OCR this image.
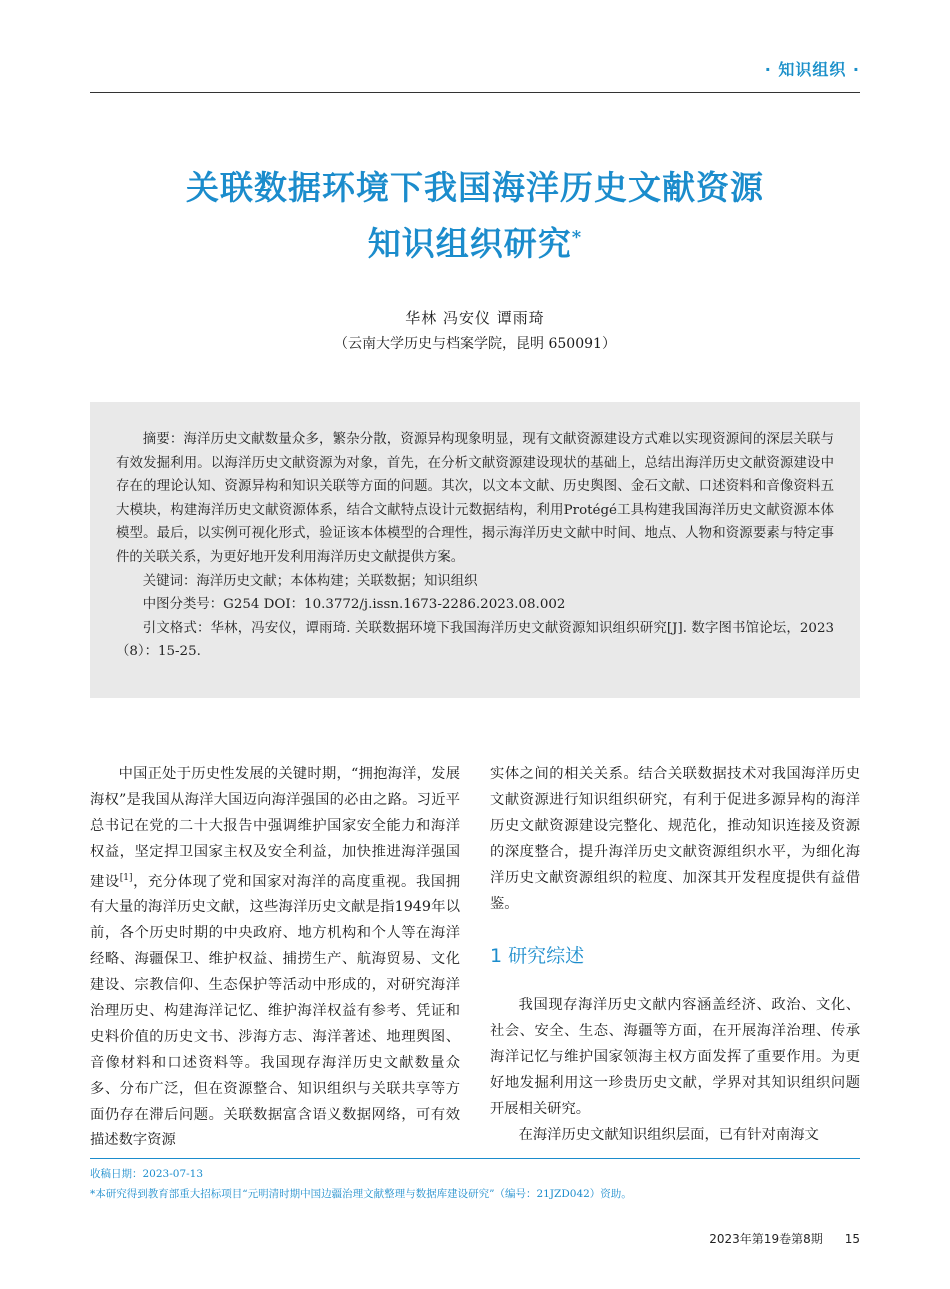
· 知识组织 ·
关联数据环境下我国海洋历史文献资源
知识组织研究*
华林 冯安仪 谭雨琦
（云南大学历史与档案学院，昆明 650091）

摘要：海洋历史文献数量众多，繁杂分散，资源异构现象明显，现有文献资源建设方式难以实现资源间的深层关联与有效发掘利用。以海洋历史文献资源为对象，首先，在分析文献资源建设现状的基础上，总结出海洋历史文献资源建设中存在的理论认知、资源异构和知识关联等方面的问题。其次，以文本文献、历史舆图、金石文献、口述资料和音像资料五大模块，构建海洋历史文献资源体系，结合文献特点设计元数据结构，利用Protégé工具构建我国海洋历史文献资源本体模型。最后，以实例可视化形式，验证该本体模型的合理性，揭示海洋历史文献中时间、地点、人物和资源要素与特定事件的关联关系，为更好地开发利用海洋历史文献提供方案。

关键词：海洋历史文献；本体构建；关联数据；知识组织

中图分类号：G254 DOI：10.3772/j.issn.1673-2286.2023.08.002

引文格式：华林，冯安仪，谭雨琦. 关联数据环境下我国海洋历史文献资源知识组织研究[J]. 数字图书馆论坛，2023（8）：15-25.

中国正处于历史性发展的关键时期，“拥抱海洋，发展海权”是我国从海洋大国迈向海洋强国的必由之路。习近平总书记在党的二十大报告中强调维护国家安全能力和海洋权益，坚定捍卫国家主权及安全利益，加快推进海洋强国建设[1]，充分体现了党和国家对海洋的高度重视。我国拥有大量的海洋历史文献，这些海洋历史文献是指1949年以前，各个历史时期的中央政府、地方机构和个人等在海洋经略、海疆保卫、维护权益、捕捞生产、航海贸易、文化建设、宗教信仰、生态保护等活动中形成的，对研究海洋治理历史、构建海洋记忆、维护海洋权益有参考、凭证和史料价值的历史文书、涉海方志、海洋著述、地理舆图、音像材料和口述资料等。我国现存海洋历史文献数量众多、分布广泛，但在资源整合、知识组织与关联共享等方面仍存在滞后问题。关联数据富含语义数据网络，可有效描述数字资源

实体之间的相关关系。结合关联数据技术对我国海洋历史文献资源进行知识组织研究，有利于促进多源异构的海洋历史文献资源建设完整化、规范化，推动知识连接及资源的深度整合，提升海洋历史文献资源组织水平，为细化海洋历史文献资源组织的粒度、加深其开发程度提供有益借鉴。

1 研究综述

我国现存海洋历史文献内容涵盖经济、政治、文化、社会、安全、生态、海疆等方面，在开展海洋治理、传承海洋记忆与维护国家领海主权方面发挥了重要作用。为更好地发掘利用这一珍贵历史文献，学界对其知识组织问题开展相关研究。

在海洋历史文献知识组织层面，已有针对南海文

收稿日期：2023-07-13
*本研究得到教育部重大招标项目“元明清时期中国边疆治理文献整理与数据库建设研究”（编号：21JZD042）资助。
2023年第19卷第8期 15
